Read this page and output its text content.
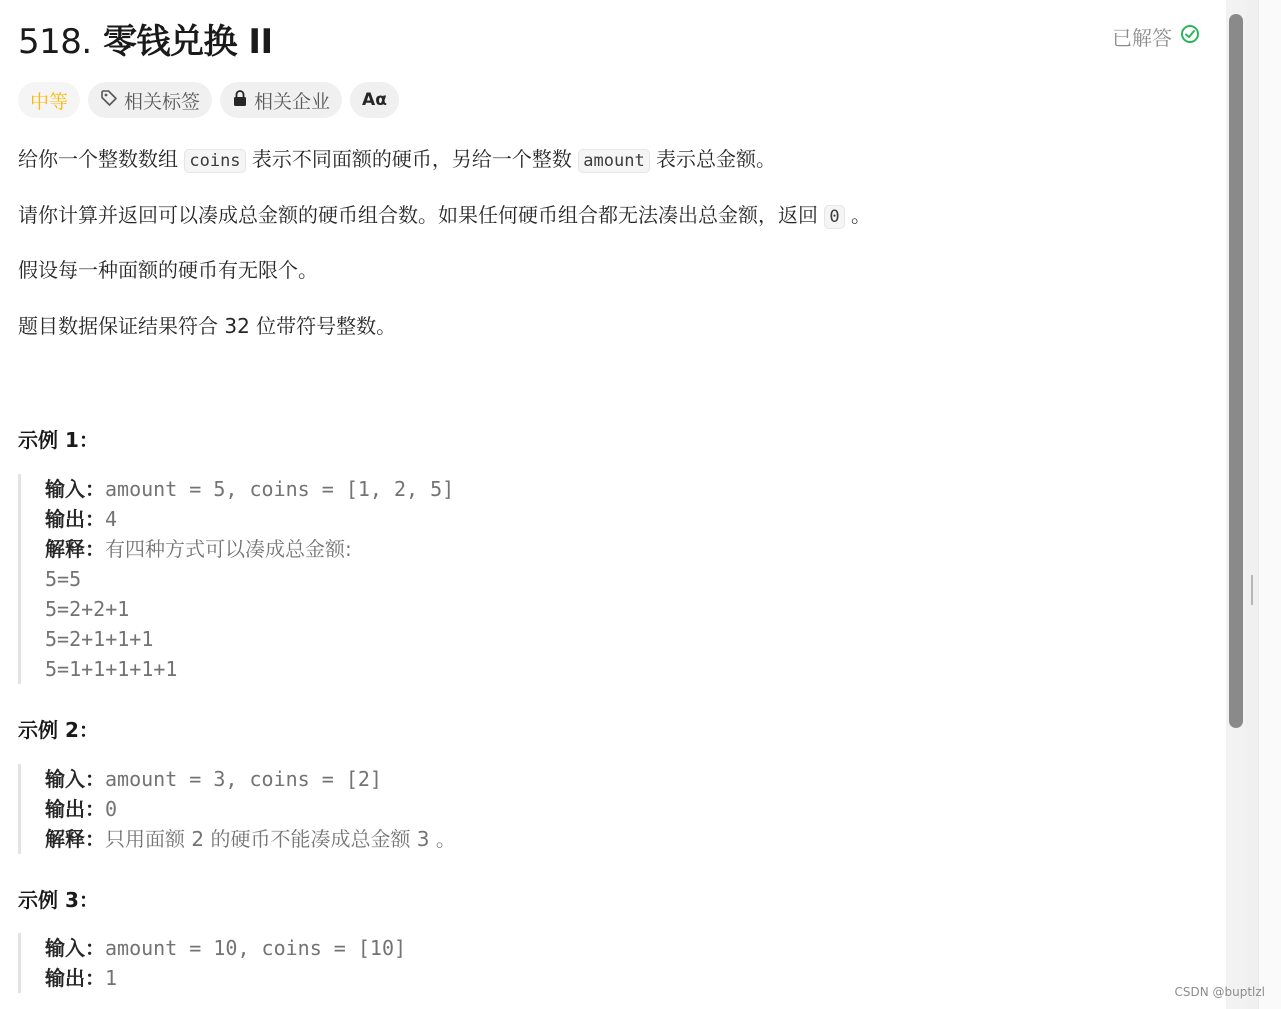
518. 零钱兑换 II	已解答
中等	相关标签	相关企业 Aα

给你一个整数数组 coins 表示不同面额的硬币，另给一个整数 amount 表示总金额。

请你计算并返回可以凑成总金额的硬币组合数。如果任何硬币组合都无法凑出总金额，返回 0 。

假设每一种面额的硬币有无限个。

题目数据保证结果符合 32 位带符号整数。

示例 1：

输入：amount = 5, coins = [1, 2, 5]
输出：4
解释：有四种方式可以凑成总金额:
5=5
5=2+2+1
5=2+1+1+1
5=1+1+1+1+1

示例 2：

输入：amount = 3, coins = [2]
输出：0
解释：只用面额 2 的硬币不能凑成总金额 3 。

示例 3：

输入：amount = 10, coins = [10]
输出：1
CSDN @buptlzl
